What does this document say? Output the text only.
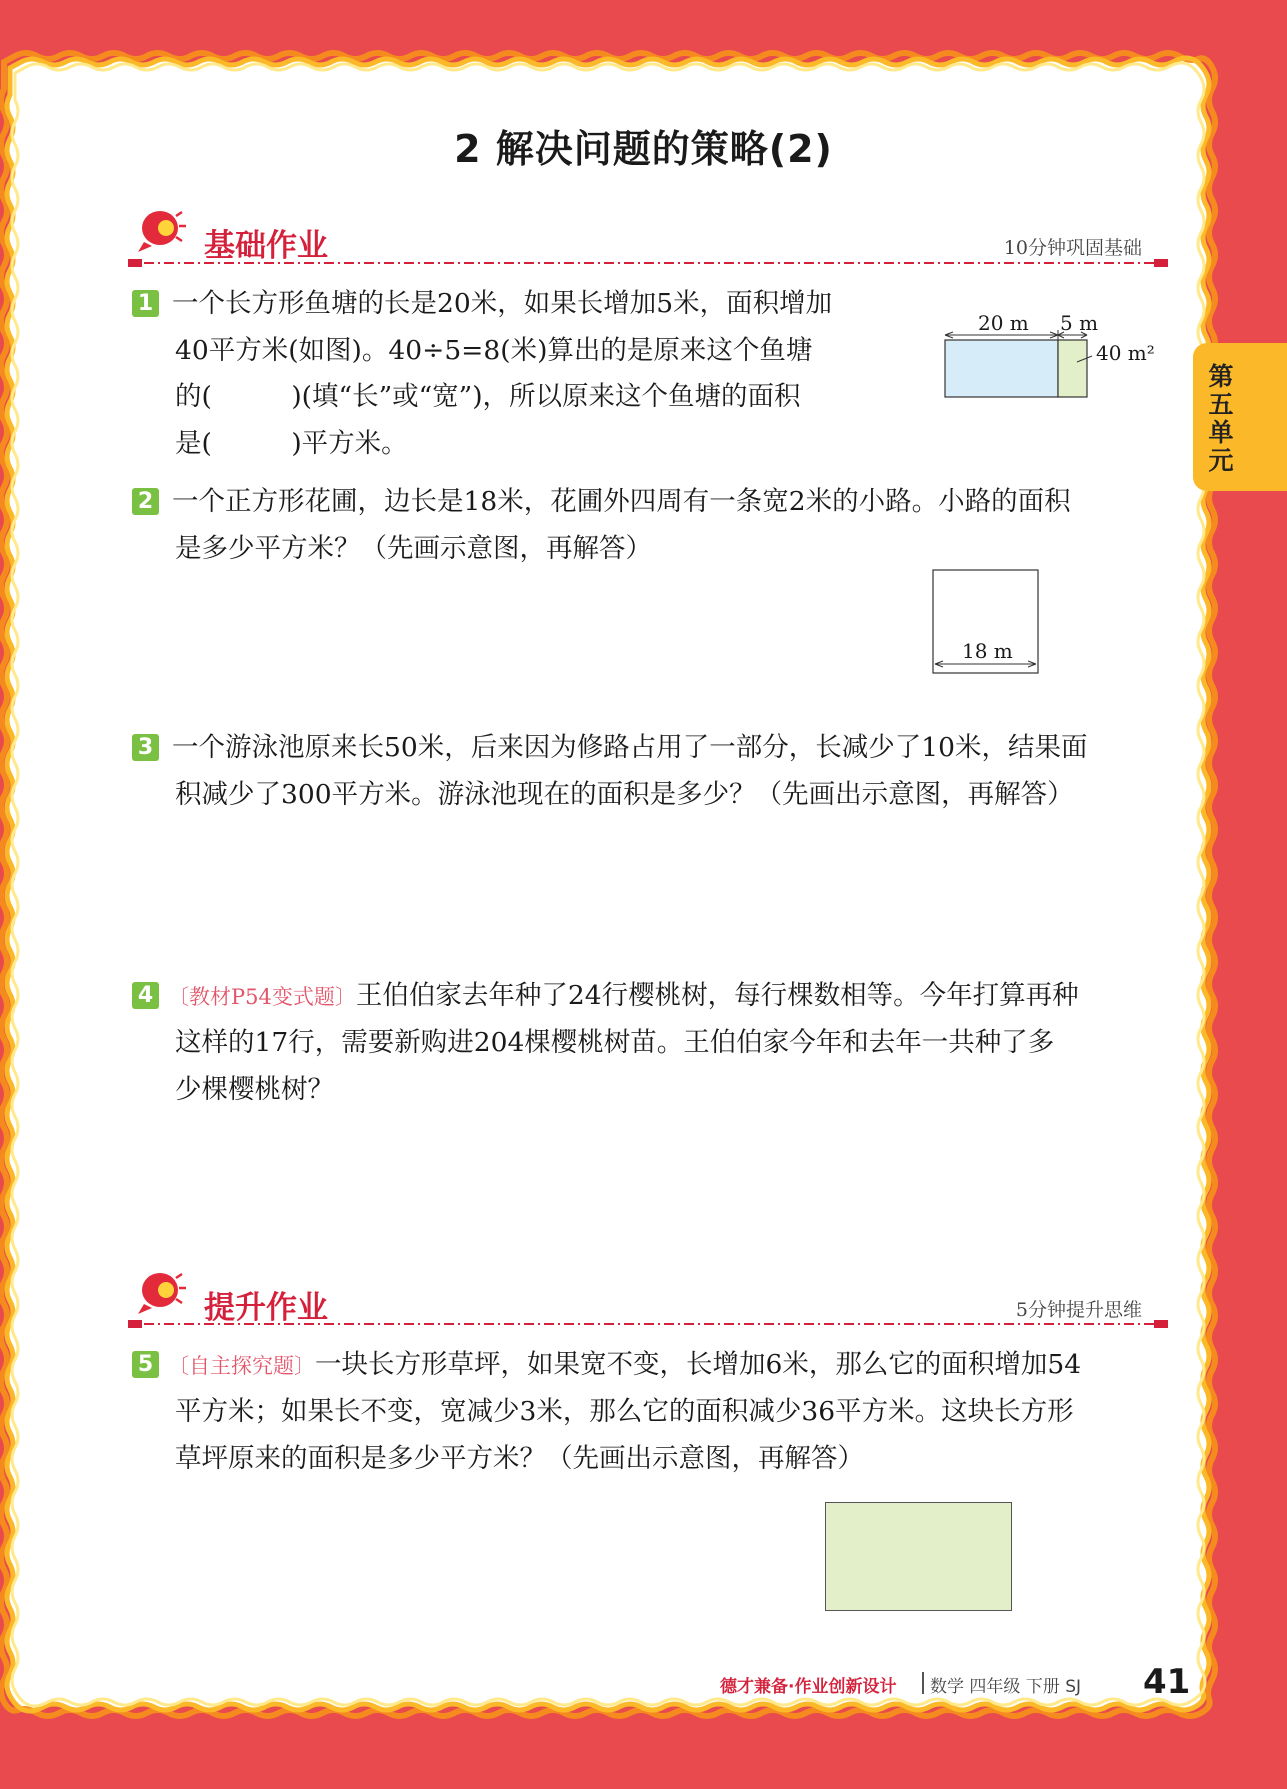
2 解决问题的策略(2)
第五单元
基础作业	10分钟巩固基础
1 一个长方形鱼塘的长是20米，如果长增加5米，面积增加
40平方米(如图)。40÷5=8(米)算出的是原来这个鱼塘
的(　　　)(填“长”或“宽”)，所以原来这个鱼塘的面积
是(　　　)平方米。
20 m 5 m
40 m²
2 一个正方形花圃，边长是18米，花圃外四周有一条宽2米的小路。小路的面积
是多少平方米？（先画示意图，再解答）
18 m
3 一个游泳池原来长50米，后来因为修路占用了一部分，长减少了10米，结果面
积减少了300平方米。游泳池现在的面积是多少？（先画出示意图，再解答）
4 〔教材P54变式题〕王伯伯家去年种了24行樱桃树，每行棵数相等。今年打算再种
这样的17行，需要新购进204棵樱桃树苗。王伯伯家今年和去年一共种了多
少棵樱桃树？
提升作业	5分钟提升思维
5 〔自主探究题〕一块长方形草坪，如果宽不变，长增加6米，那么它的面积增加54
平方米；如果长不变，宽减少3米，那么它的面积减少36平方米。这块长方形
草坪原来的面积是多少平方米？（先画出示意图，再解答）
德才兼备·作业创新设计 数学 四年级 下册 SJ 41
